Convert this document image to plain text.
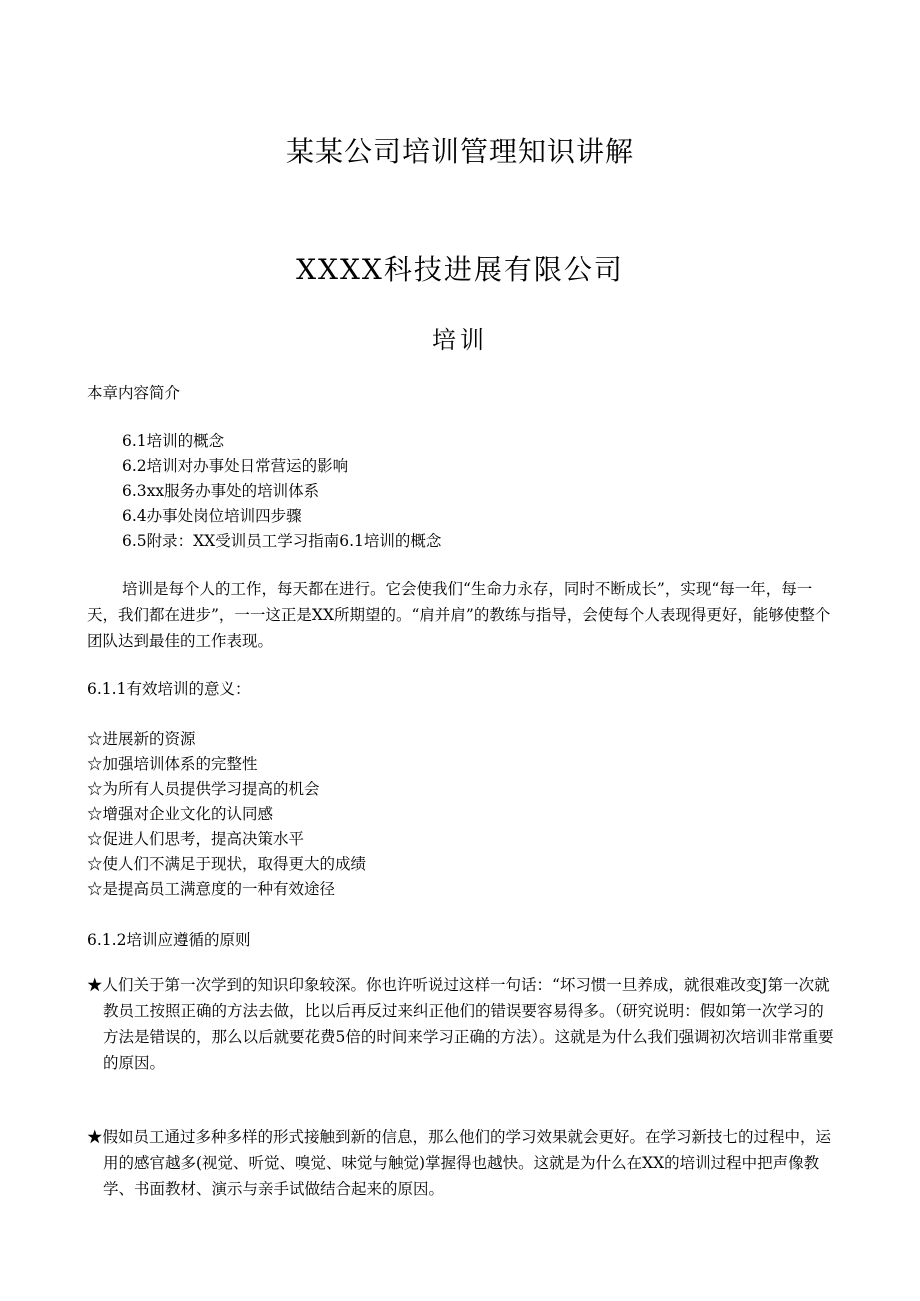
某某公司培训管理知识讲解
XXXX科技进展有限公司
培训
本章内容简介
6.1培训的概念
6.2培训对办事处日常营运的影响
6.3xx服务办事处的培训体系
6.4办事处岗位培训四步骤
6.5附录：XX受训员工学习指南6.1培训的概念
培训是每个人的工作，每天都在进行。它会使我们“生命力永存，同时不断成长”，实现“每一年，每一天，我们都在进步”，一一这正是XX所期望的。“肩并肩”的教练与指导，会使每个人表现得更好，能够使整个团队达到最佳的工作表现。
6.1.1有效培训的意义：
☆进展新的资源
☆加强培训体系的完整性
☆为所有人员提供学习提高的机会
☆增强对企业文化的认同感
☆促进人们思考，提高决策水平
☆使人们不满足于现状，取得更大的成绩
☆是提高员工满意度的一种有效途径
6.1.2培训应遵循的原则
★人们关于第一次学到的知识印象较深。你也许听说过这样一句话：“坏习惯一旦养成，就很难改变J第一次就教员工按照正确的方法去做，比以后再反过来纠正他们的错误要容易得多。（研究说明：假如第一次学习的方法是错误的，那么以后就要花费5倍的时间来学习正确的方法）。这就是为什么我们强调初次培训非常重要的原因。
★假如员工通过多种多样的形式接触到新的信息，那么他们的学习效果就会更好。在学习新技七的过程中，运用的感官越多(视觉、听觉、嗅觉、味觉与触觉)掌握得也越快。这就是为什么在XX的培训过程中把声像教学、书面教材、演示与亲手试做结合起来的原因。
